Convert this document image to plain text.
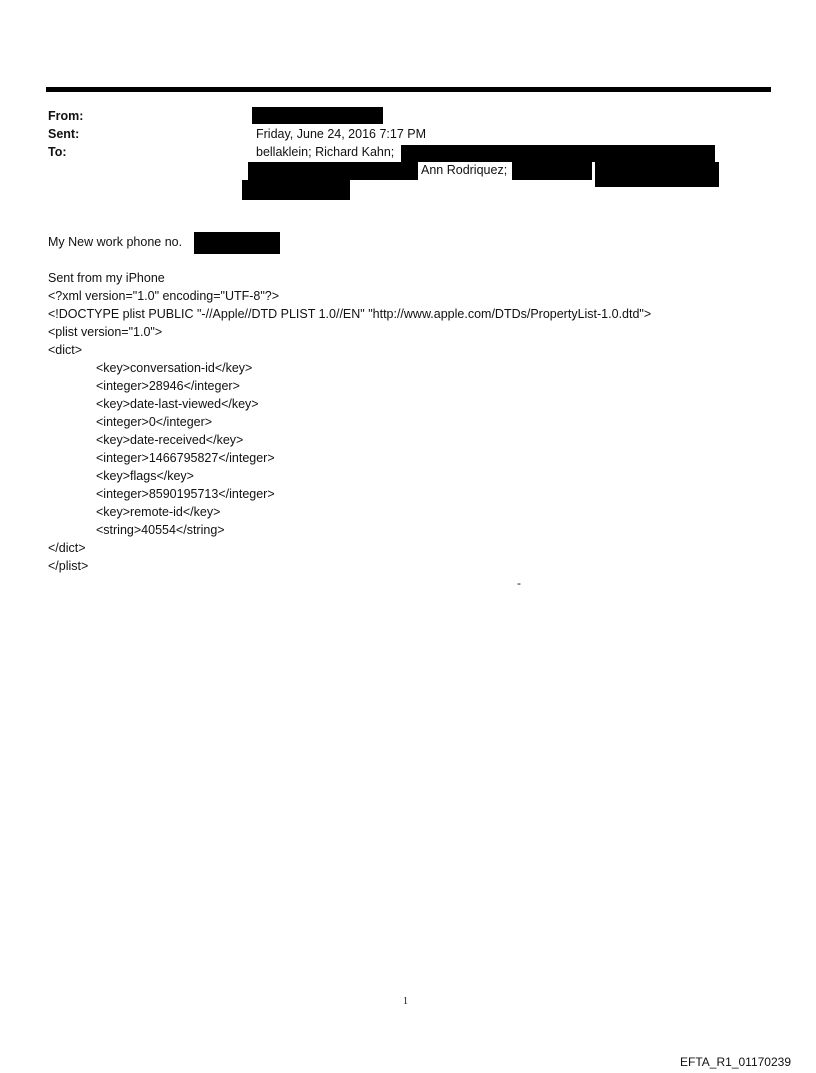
From:
Sent:
To:
Friday, June 24, 2016 7:17 PM
bellaklein; Richard Kahn;
Ann Rodriquez;
My New work phone no.
Sent from my iPhone
<?xml version="1.0" encoding="UTF-8"?>
<!DOCTYPE plist PUBLIC "-//Apple//DTD PLIST 1.0//EN" "http://www.apple.com/DTDs/PropertyList-1.0.dtd">
<plist version="1.0">
<dict>
<key>conversation-id</key>
<integer>28946</integer>
<key>date-last-viewed</key>
<integer>0</integer>
<key>date-received</key>
<integer>1466795827</integer>
<key>flags</key>
<integer>8590195713</integer>
<key>remote-id</key>
<string>40554</string>
</dict>
</plist>
-
1
EFTA_R1_01170239
